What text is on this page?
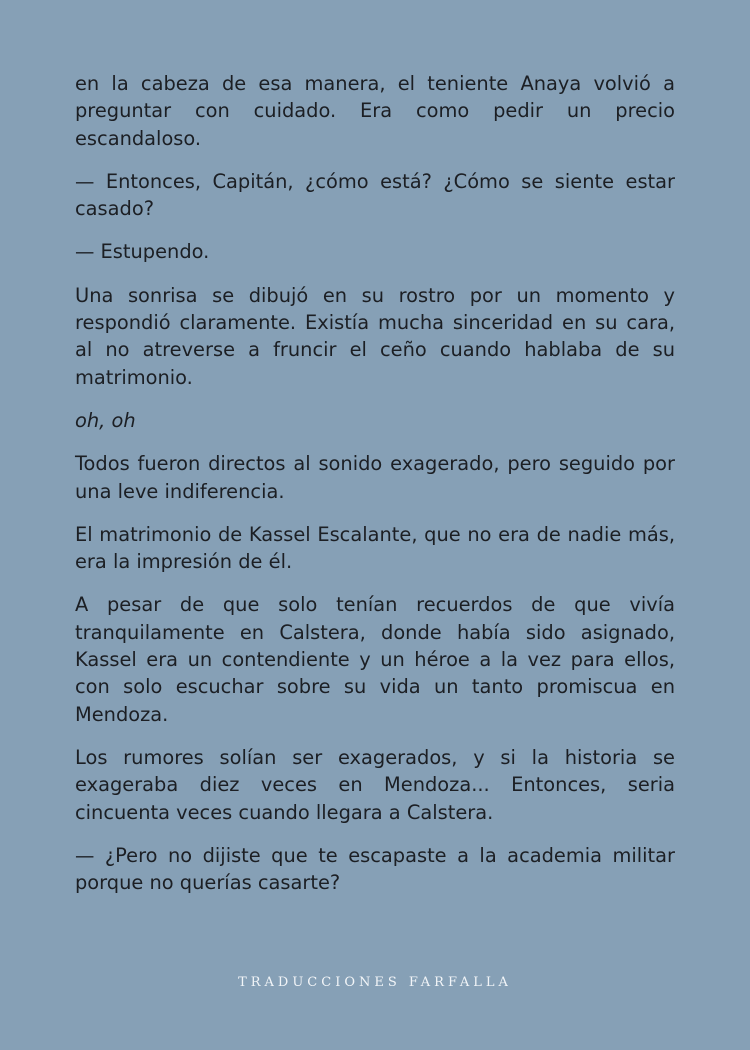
en la cabeza de esa manera, el teniente Anaya volvió a preguntar con cuidado. Era como pedir un precio escandaloso.

— Entonces, Capitán, ¿cómo está? ¿Cómo se siente estar casado?

— Estupendo.

Una sonrisa se dibujó en su rostro por un momento y respondió claramente. Existía mucha sinceridad en su cara, al no atreverse a fruncir el ceño cuando hablaba de su matrimonio.

oh, oh

Todos fueron directos al sonido exagerado, pero seguido por una leve indiferencia.

El matrimonio de Kassel Escalante, que no era de nadie más, era la impresión de él.

A pesar de que solo tenían recuerdos de que vivía tranquilamente en Calstera, donde había sido asignado, Kassel era un contendiente y un héroe a la vez para ellos, con solo escuchar sobre su vida un tanto promiscua en Mendoza.

Los rumores solían ser exagerados, y si la historia se exageraba diez veces en Mendoza... Entonces, seria cincuenta veces cuando llegara a Calstera.

— ¿Pero no dijiste que te escapaste a la academia militar porque no querías casarte?

TRADUCCIONES FARFALLA
